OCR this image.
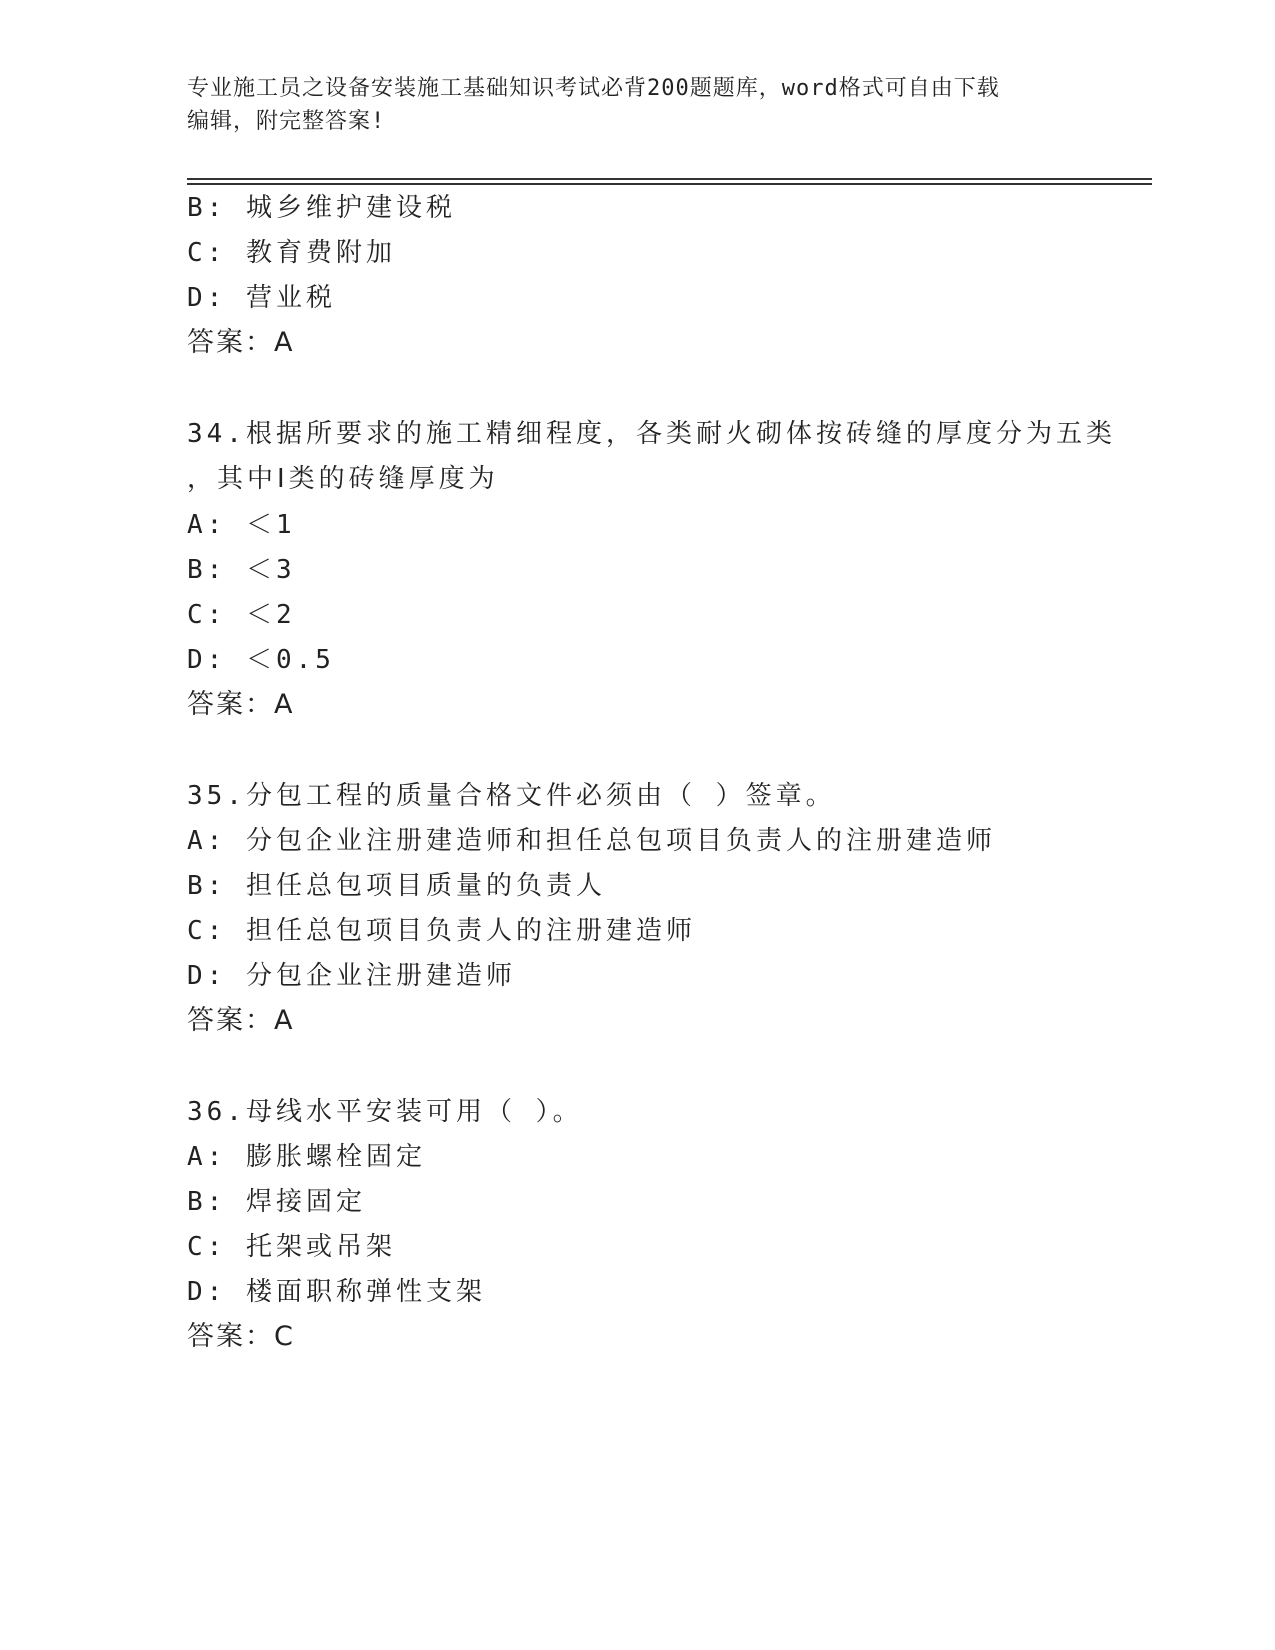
专业施工员之设备安装施工基础知识考试必背200题题库，word格式可自由下载
编辑，附完整答案!
B: 城乡维护建设税
C: 教育费附加
D: 营业税
答案：A
34.根据所要求的施工精细程度，各类耐火砌体按砖缝的厚度分为五类
，其中Ⅰ类的砖缝厚度为
A: ＜1
B: ＜3
C: ＜2
D: ＜0.5
答案：A
35.分包工程的质量合格文件必须由（ ）签章。
A: 分包企业注册建造师和担任总包项目负责人的注册建造师
B: 担任总包项目质量的负责人
C: 担任总包项目负责人的注册建造师
D: 分包企业注册建造师
答案：A
36.母线水平安装可用（ ）。
A: 膨胀螺栓固定
B: 焊接固定
C: 托架或吊架
D: 楼面职称弹性支架
答案：C
